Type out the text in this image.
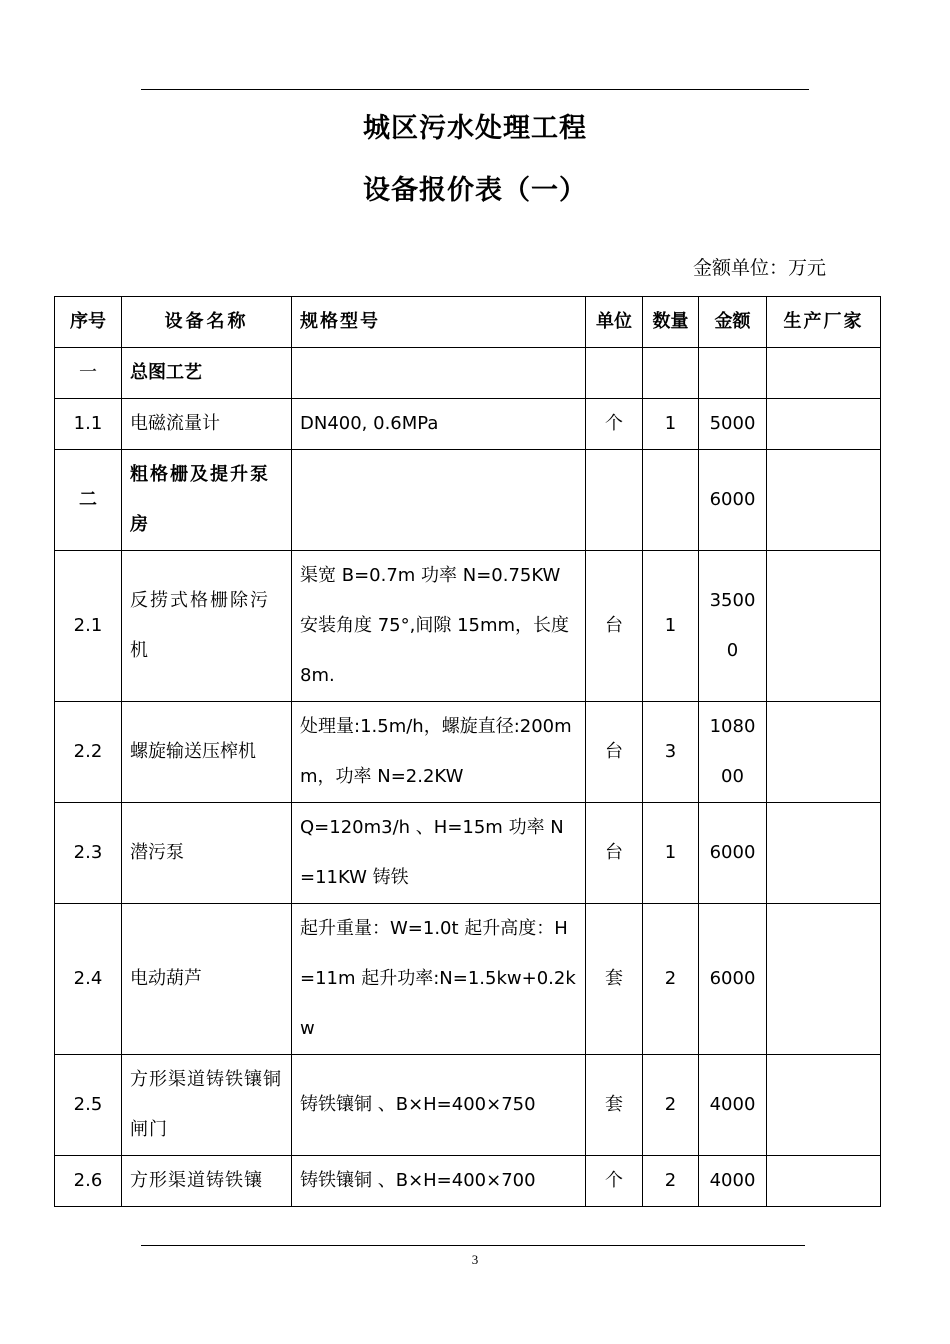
城区污水处理工程
设备报价表（一）
金额单位：万元
序号	设备名称	规格型号	单位	数量	金额	生产厂家
一	总图工艺					
1.1	电磁流量计	DN400, 0.6MPa	个	1	5000	
二	粗格栅及提升泵房				6000	
2.1	反捞式格栅除污机	渠宽 B=0.7m 功率 N=0.75KW 安装角度 75°,间隙 15mm，长度 8m.	台	1	35000	
2.2	螺旋输送压榨机	处理量:1.5m/h，螺旋直径:200mm，功率 N=2.2KW	台	3	108000	
2.3	潜污泵	Q=120m3/h 、H=15m 功率 N=11KW 铸铁	台	1	6000	
2.4	电动葫芦	起升重量：W=1.0t 起升高度：H=11m 起升功率:N=1.5kw+0.2kw	套	2	6000	
2.5	方形渠道铸铁镶铜闸门	铸铁镶铜 、B×H=400×750	套	2	4000	
2.6	方形渠道铸铁镶	铸铁镶铜 、B×H=400×700	个	2	4000	
3
